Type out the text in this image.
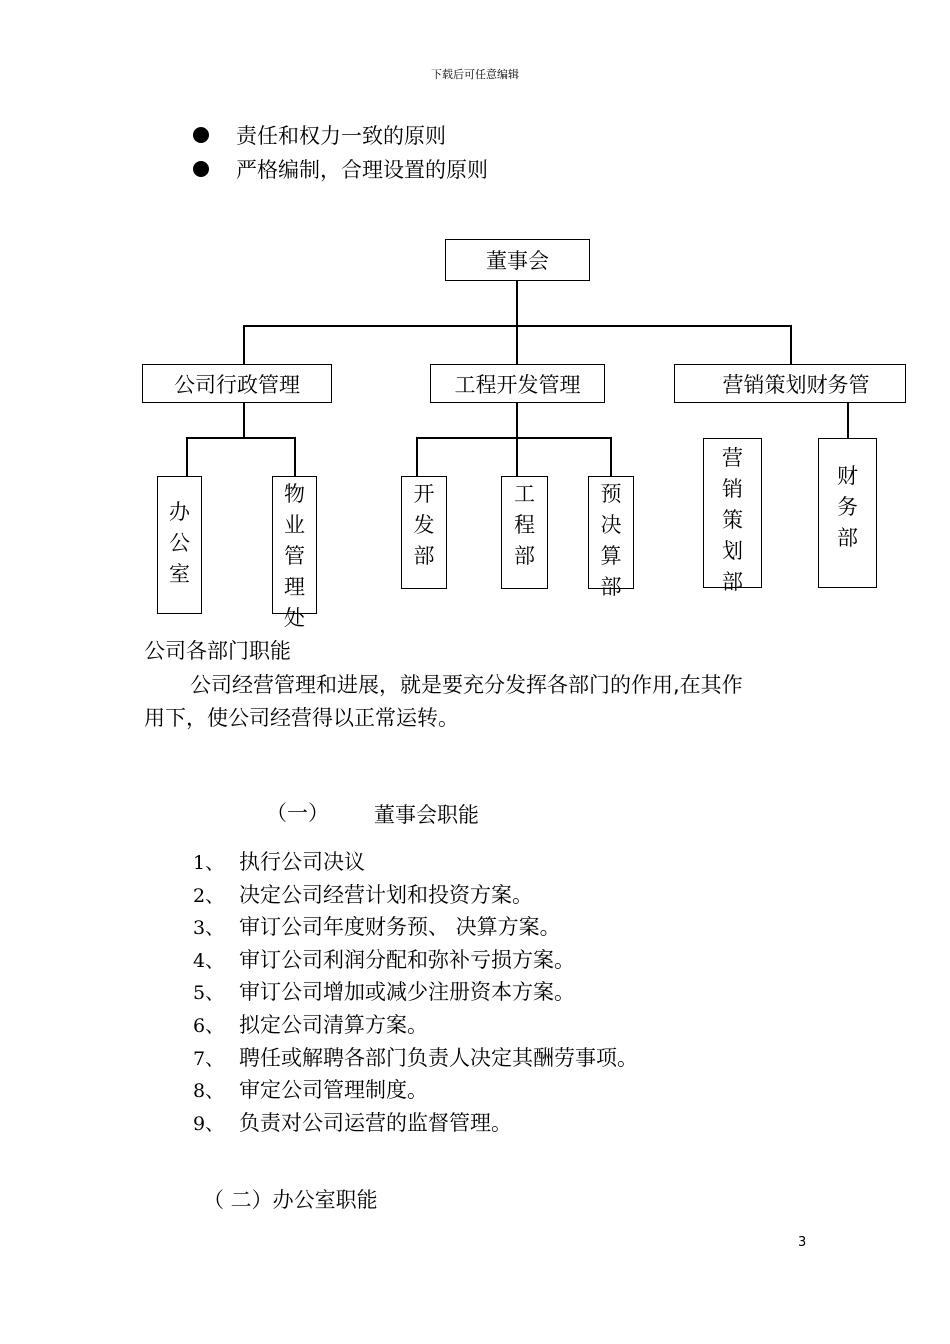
下载后可任意编辑
责任和权力一致的原则
严格编制，合理设置的原则
董事会
公司行政管理	工程开发管理	营销策划财务管
办
公
室
物
业
管
理
处
开
发
部
工
程
部
预
决
算
部
营
销
策
划
部
财
务
部
公司各部门职能
公司经营管理和进展，就是要充分发挥各部门的作用,在其作
用下，使公司经营得以正常运转。
（一） 董事会职能
1、 执行公司决议
2、 决定公司经营计划和投资方案。
3、 审订公司年度财务预、 决算方案。
4、 审订公司利润分配和弥补亏损方案。
5、 审订公司增加或减少注册资本方案。
6、 拟定公司清算方案。
7、 聘任或解聘各部门负责人决定其酬劳事项。
8、 审定公司管理制度。
9、 负责对公司运营的监督管理。
（ 二）办公室职能
3
